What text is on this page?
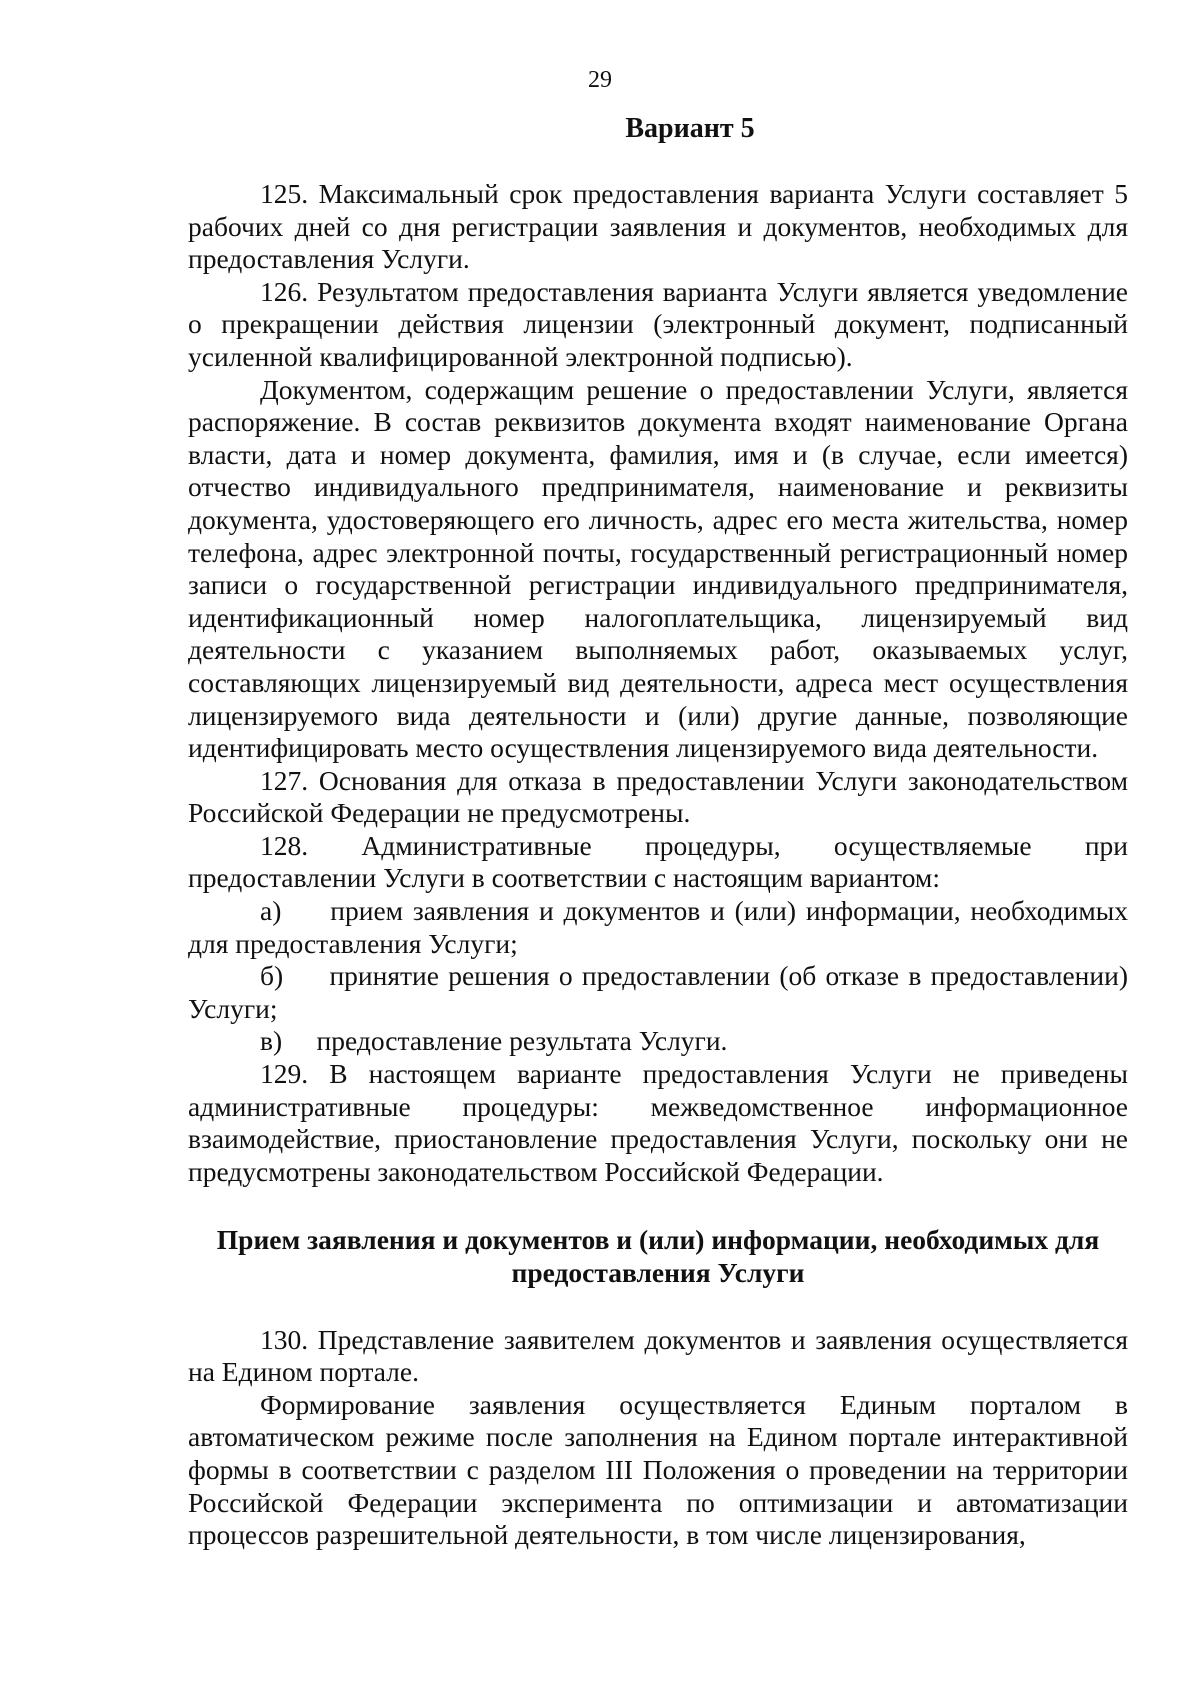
29
Вариант 5

125. Максимальный срок предоставления варианта Услуги составляет 5 рабочих дней со дня регистрации заявления и документов, необходимых для предоставления Услуги.

126. Результатом предоставления варианта Услуги является уведомление о прекращении действия лицензии (электронный документ, подписанный усиленной квалифицированной электронной подписью).

Документом, содержащим решение о предоставлении Услуги, является распоряжение. В состав реквизитов документа входят наименование Органа власти, дата и номер документа, фамилия, имя и (в случае, если имеется) отчество индивидуального предпринимателя, наименование и реквизиты документа, удостоверяющего его личность, адрес его места жительства, номер телефона, адрес электронной почты, государственный регистрационный номер записи о государственной регистрации индивидуального предпринимателя, идентификационный номер налогоплательщика, лицензируемый вид деятельности с указанием выполняемых работ, оказываемых услуг, составляющих лицензируемый вид деятельности, адреса мест осуществления лицензируемого вида деятельности и (или) другие данные, позволяющие идентифицировать место осуществления лицензируемого вида деятельности.

127. Основания для отказа в предоставлении Услуги законодательством Российской Федерации не предусмотрены.

128. Административные процедуры, осуществляемые при предоставлении Услуги в соответствии с настоящим вариантом:

а)     прием заявления и документов и (или) информации, необходимых для предоставления Услуги;

б)     принятие решения о предоставлении (об отказе в предоставлении) Услуги;

в)     предоставление результата Услуги.

129. В настоящем варианте предоставления Услуги не приведены административные процедуры: межведомственное информационное взаимодействие, приостановление предоставления Услуги, поскольку они не предусмотрены законодательством Российской Федерации.

Прием заявления и документов и (или) информации, необходимых для предоставления Услуги

130. Представление заявителем документов и заявления осуществляется на Едином портале.

Формирование заявления осуществляется Единым порталом в автоматическом режиме после заполнения на Едином портале интерактивной формы в соответствии с разделом III Положения о проведении на территории Российской Федерации эксперимента по оптимизации и автоматизации процессов разрешительной деятельности, в том числе лицензирования,
